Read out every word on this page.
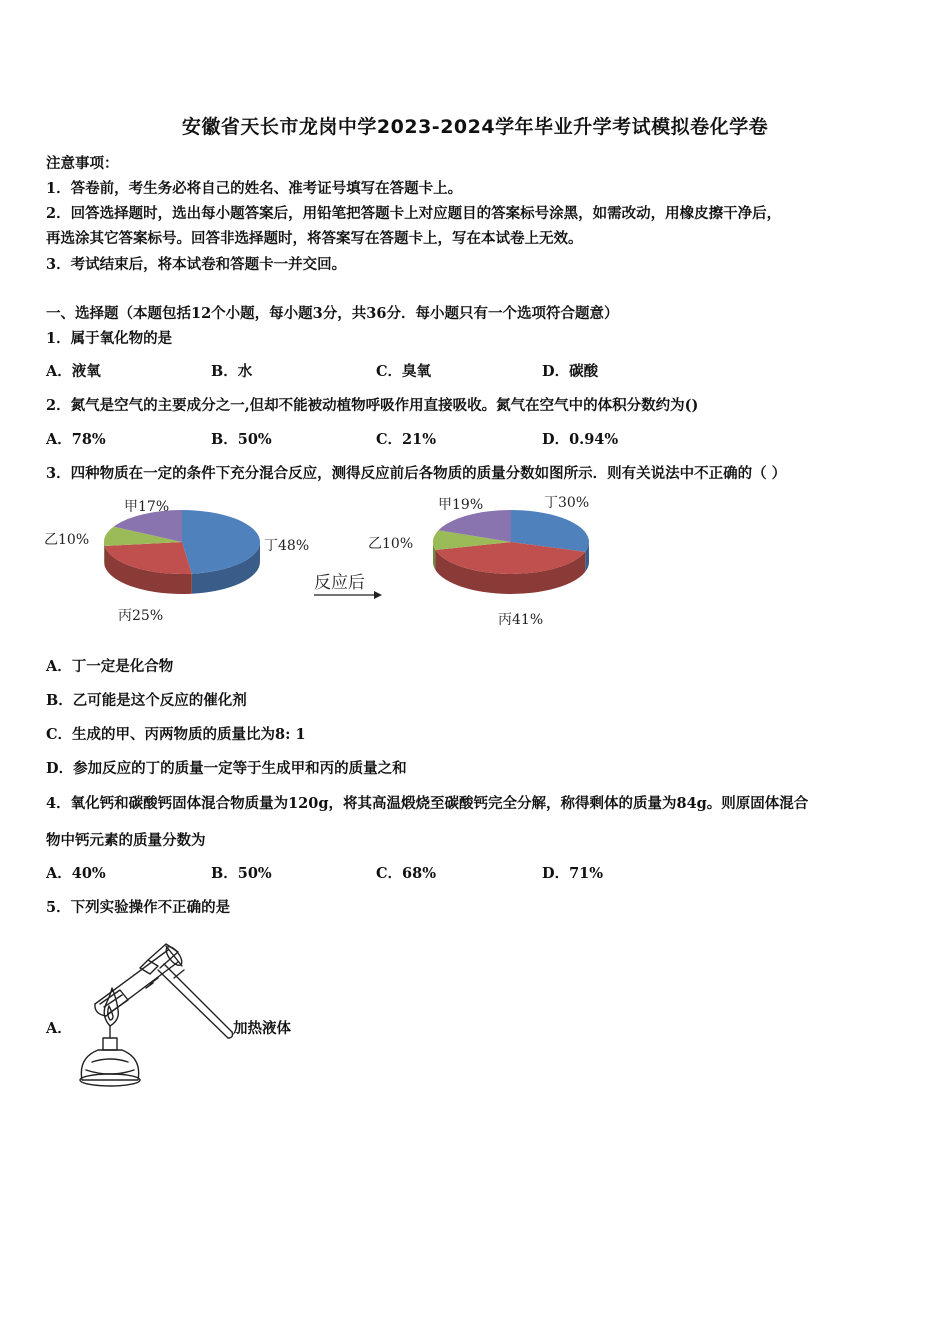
安徽省天长市龙岗中学2023-2024学年毕业升学考试模拟卷化学卷
注意事项：
1．答卷前，考生务必将自己的姓名、准考证号填写在答题卡上。
2．回答选择题时，选出每小题答案后，用铅笔把答题卡上对应题目的答案标号涂黑，如需改动，用橡皮擦干净后，
再选涂其它答案标号。回答非选择题时，将答案写在答题卡上，写在本试卷上无效。
3．考试结束后，将本试卷和答题卡一并交回。
一、选择题（本题包括12个小题，每小题3分，共36分．每小题只有一个选项符合题意）
1．属于氧化物的是
A．液氧	B．水	C．臭氧	D．碳酸
2．氮气是空气的主要成分之一,但却不能被动植物呼吸作用直接吸收。氮气在空气中的体积分数约为()
A．78%	B．50%	C．21%	D．0.94%
3．四种物质在一定的条件下充分混合反应，测得反应前后各物质的质量分数如图所示．则有关说法中不正确的（ ）
甲17%
乙10%
丙25%
丁48%
反应后
甲19%
乙10%
丙41%
丁30%
A．丁一定是化合物
B．乙可能是这个反应的催化剂
C．生成的甲、丙两物质的质量比为8: 1
D．参加反应的丁的质量一定等于生成甲和丙的质量之和
4．氧化钙和碳酸钙固体混合物质量为120g，将其高温煅烧至碳酸钙完全分解，称得剩体的质量为84g。则原固体混合
物中钙元素的质量分数为
A．40%	B．50%	C．68%	D．71%
5．下列实验操作不正确的是
A．	加热液体
